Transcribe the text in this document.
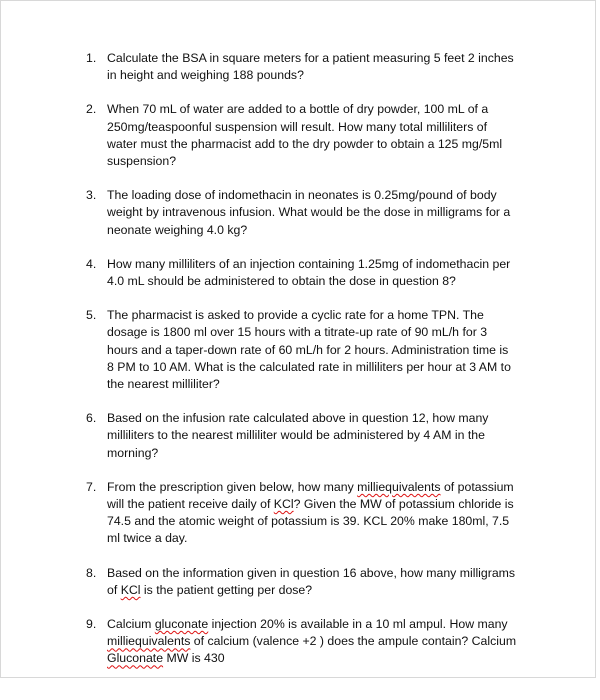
1. Calculate the BSA in square meters for a patient measuring 5 feet 2 inches
in height and weighing 188 pounds?
2. When 70 mL of water are added to a bottle of dry powder, 100 mL of a
250mg/teaspoonful suspension will result. How many total milliliters of
water must the pharmacist add to the dry powder to obtain a 125 mg/5ml
suspension?
3. The loading dose of indomethacin in neonates is 0.25mg/pound of body
weight by intravenous infusion. What would be the dose in milligrams for a
neonate weighing 4.0 kg?
4. How many milliliters of an injection containing 1.25mg of indomethacin per
4.0 mL should be administered to obtain the dose in question 8?
5. The pharmacist is asked to provide a cyclic rate for a home TPN. The
dosage is 1800 ml over 15 hours with a titrate-up rate of 90 mL/h for 3
hours and a taper-down rate of 60 mL/h for 2 hours. Administration time is
8 PM to 10 AM. What is the calculated rate in milliliters per hour at 3 AM to
the nearest milliliter?
6. Based on the infusion rate calculated above in question 12, how many
milliliters to the nearest milliliter would be administered by 4 AM in the
morning?
7. From the prescription given below, how many milliequivalents of potassium
will the patient receive daily of KCl? Given the MW of potassium chloride is
74.5 and the atomic weight of potassium is 39. KCL 20% make 180ml, 7.5
ml twice a day.
8. Based on the information given in question 16 above, how many milligrams
of KCl is the patient getting per dose?
9. Calcium gluconate injection 20% is available in a 10 ml ampul. How many
milliequivalents of calcium (valence +2 ) does the ampule contain? Calcium
Gluconate MW is 430
